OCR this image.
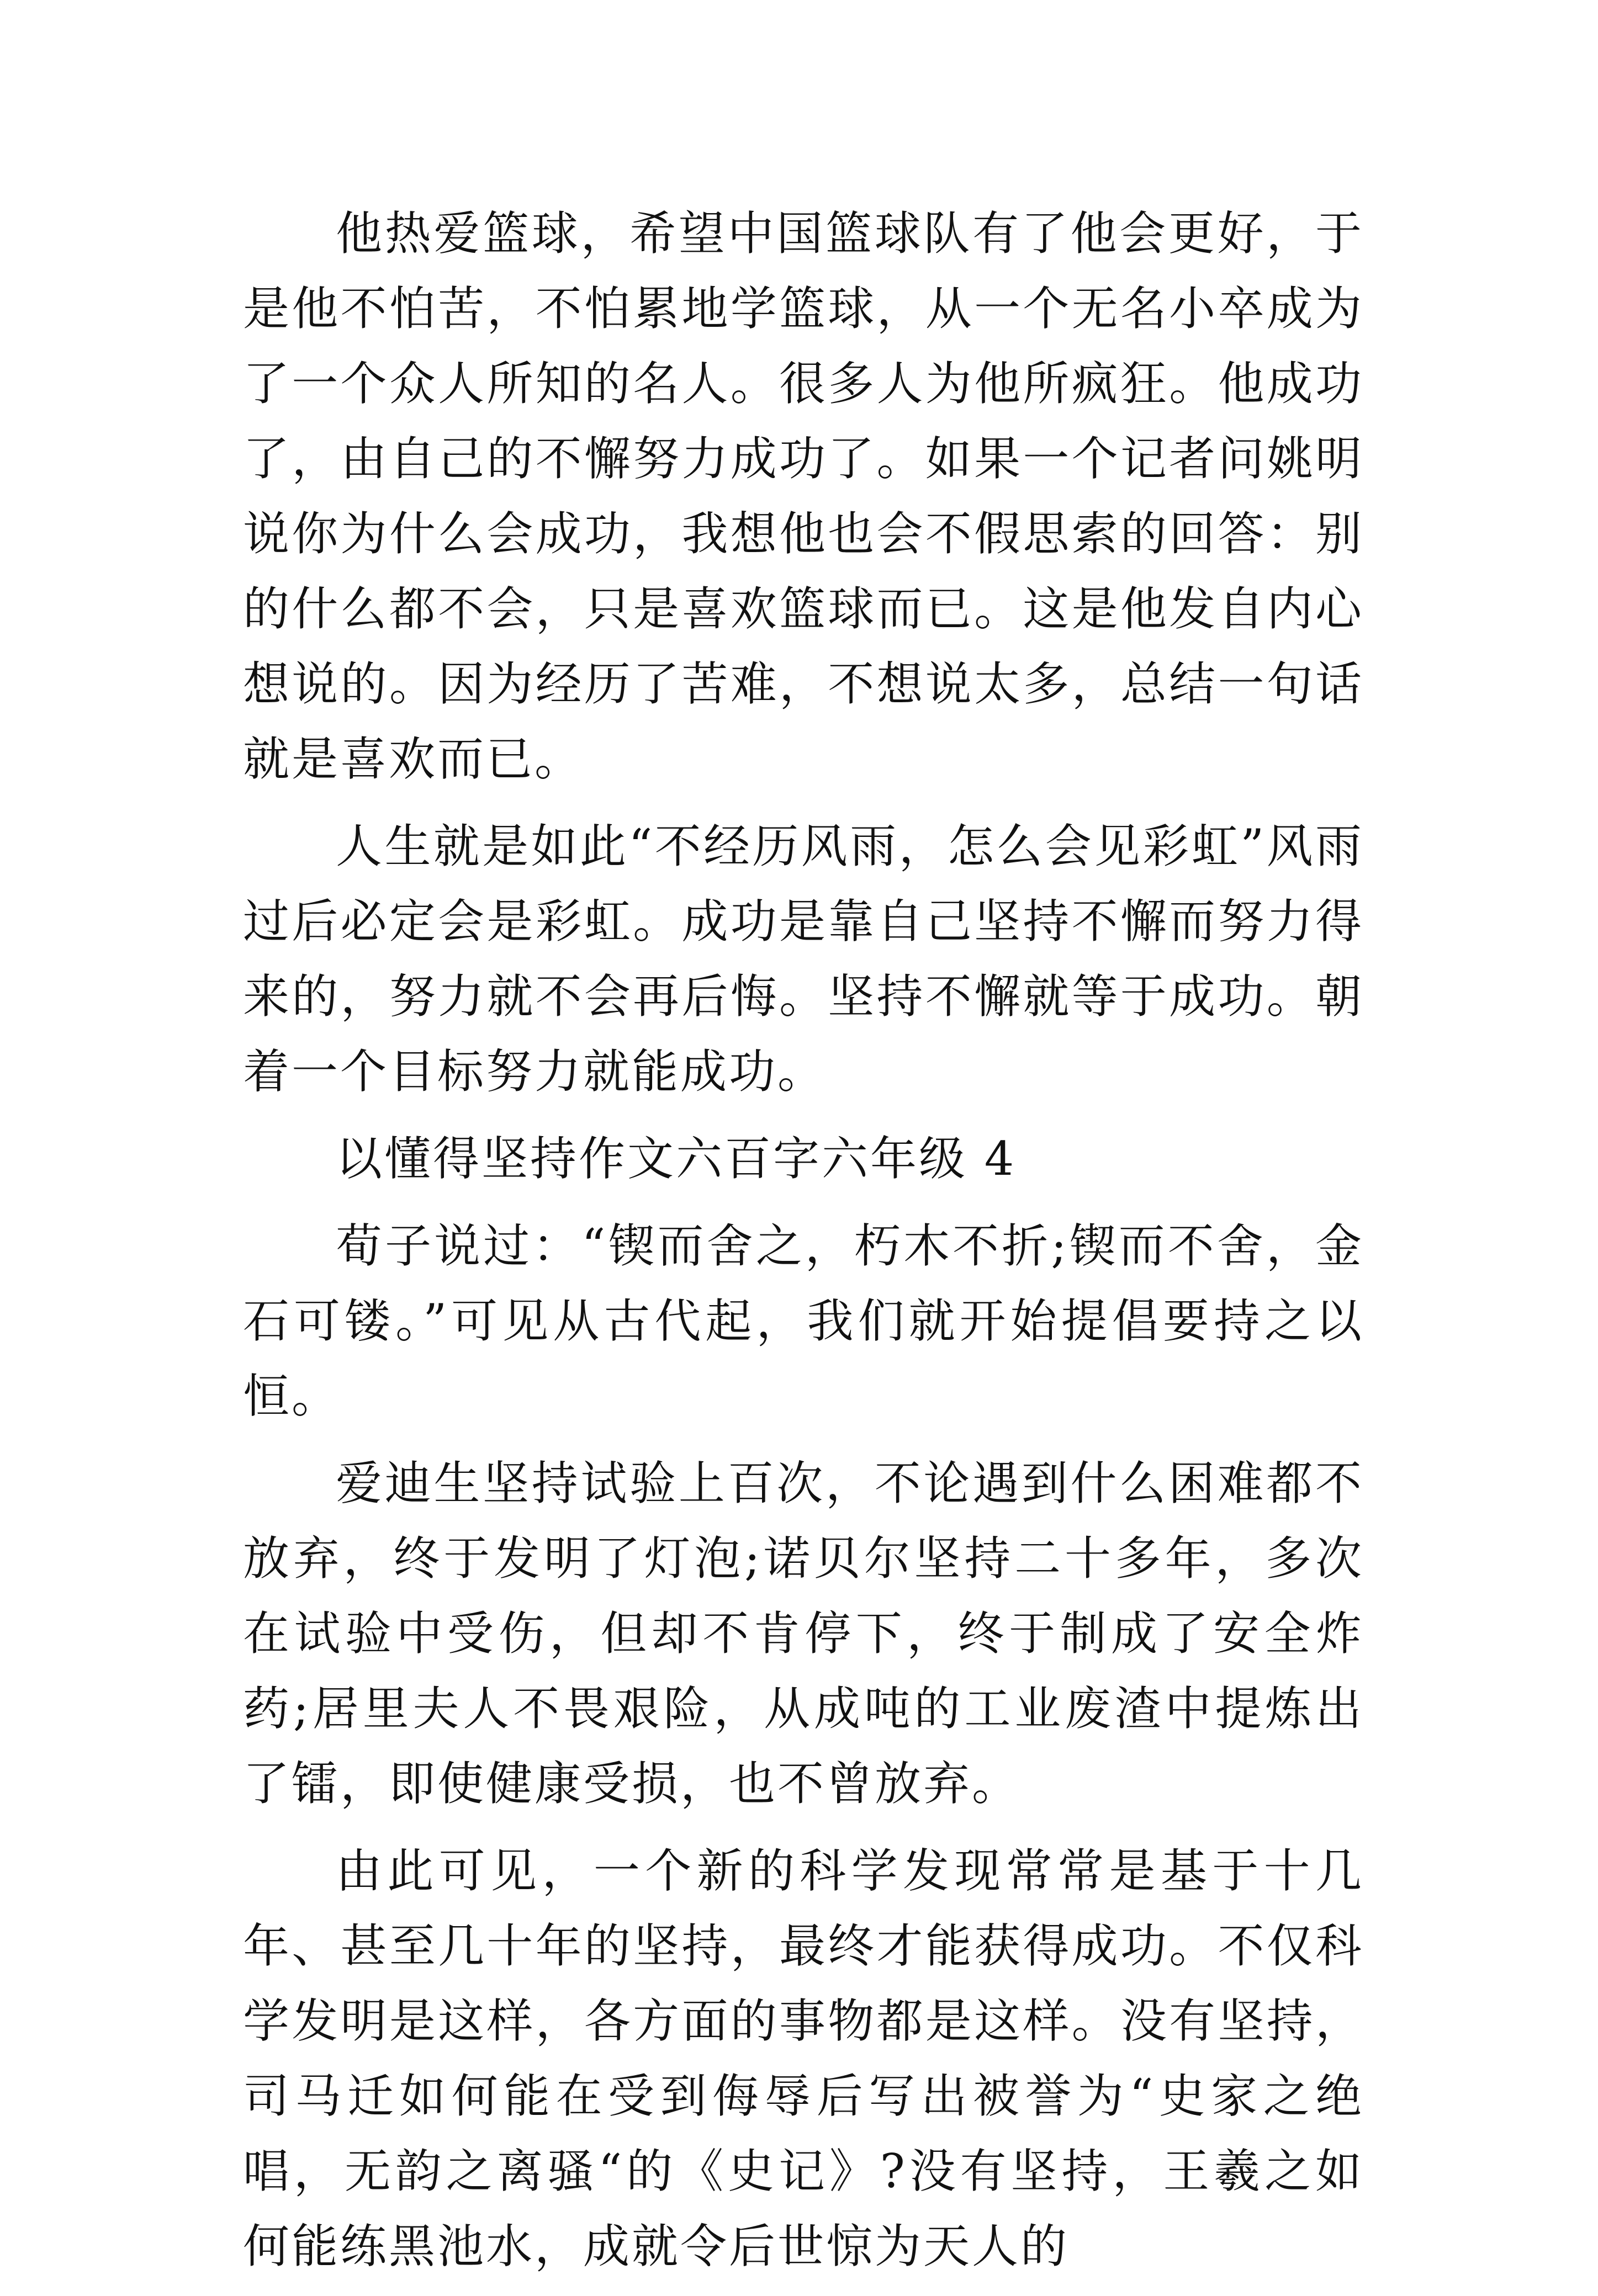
他热爱篮球，希望中国篮球队有了他会更好，于是他不怕苦，不怕累地学篮球，从一个无名小卒成为了一个众人所知的名人。很多人为他所疯狂。他成功了，由自己的不懈努力成功了。如果一个记者问姚明说你为什么会成功，我想他也会不假思索的回答：别的什么都不会，只是喜欢篮球而已。这是他发自内心想说的。因为经历了苦难，不想说太多，总结一句话就是喜欢而已。

人生就是如此“不经历风雨，怎么会见彩虹”风雨过后必定会是彩虹。成功是靠自己坚持不懈而努力得来的，努力就不会再后悔。坚持不懈就等于成功。朝着一个目标努力就能成功。

以懂得坚持作文六百字六年级 4

荀子说过：“锲而舍之，朽木不折;锲而不舍，金石可镂。”可见从古代起，我们就开始提倡要持之以恒。

爱迪生坚持试验上百次，不论遇到什么困难都不放弃，终于发明了灯泡;诺贝尔坚持二十多年，多次在试验中受伤，但却不肯停下，终于制成了安全炸药;居里夫人不畏艰险，从成吨的工业废渣中提炼出了镭，即使健康受损，也不曾放弃。

由此可见，一个新的科学发现常常是基于十几年、甚至几十年的坚持，最终才能获得成功。不仅科学发明是这样，各方面的事物都是这样。没有坚持，司马迁如何能在受到侮辱后写出被誉为“史家之绝唱，无韵之离骚“的《史记》?没有坚持，王羲之如何能练黑池水，成就令后世惊为天人的
